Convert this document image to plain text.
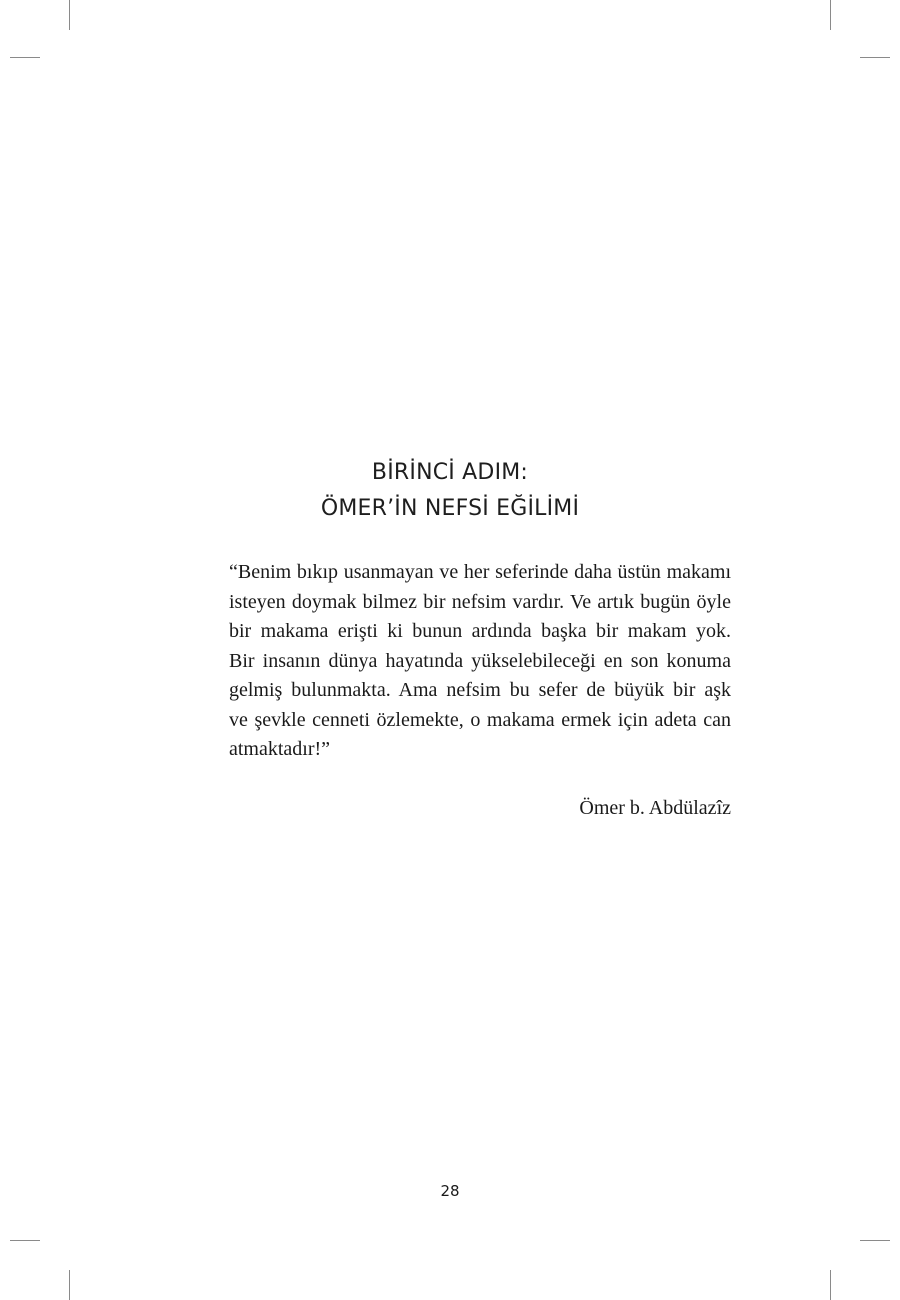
BİRİNCİ ADIM:
ÖMER’İN NEFSİ EĞİLİMİ
“Benim bıkıp usanmayan ve her seferinde daha üstün makamı
isteyen doymak bilmez bir nefsim vardır. Ve artık bugün öyle
bir makama erişti ki bunun ardında başka bir makam yok.
Bir insanın dünya hayatında yükselebileceği en son konuma
gelmiş bulunmakta. Ama nefsim bu sefer de büyük bir aşk
ve şevkle cenneti özlemekte, o makama ermek için adeta can
atmaktadır!”
Ömer b. Abdülazîz
28
